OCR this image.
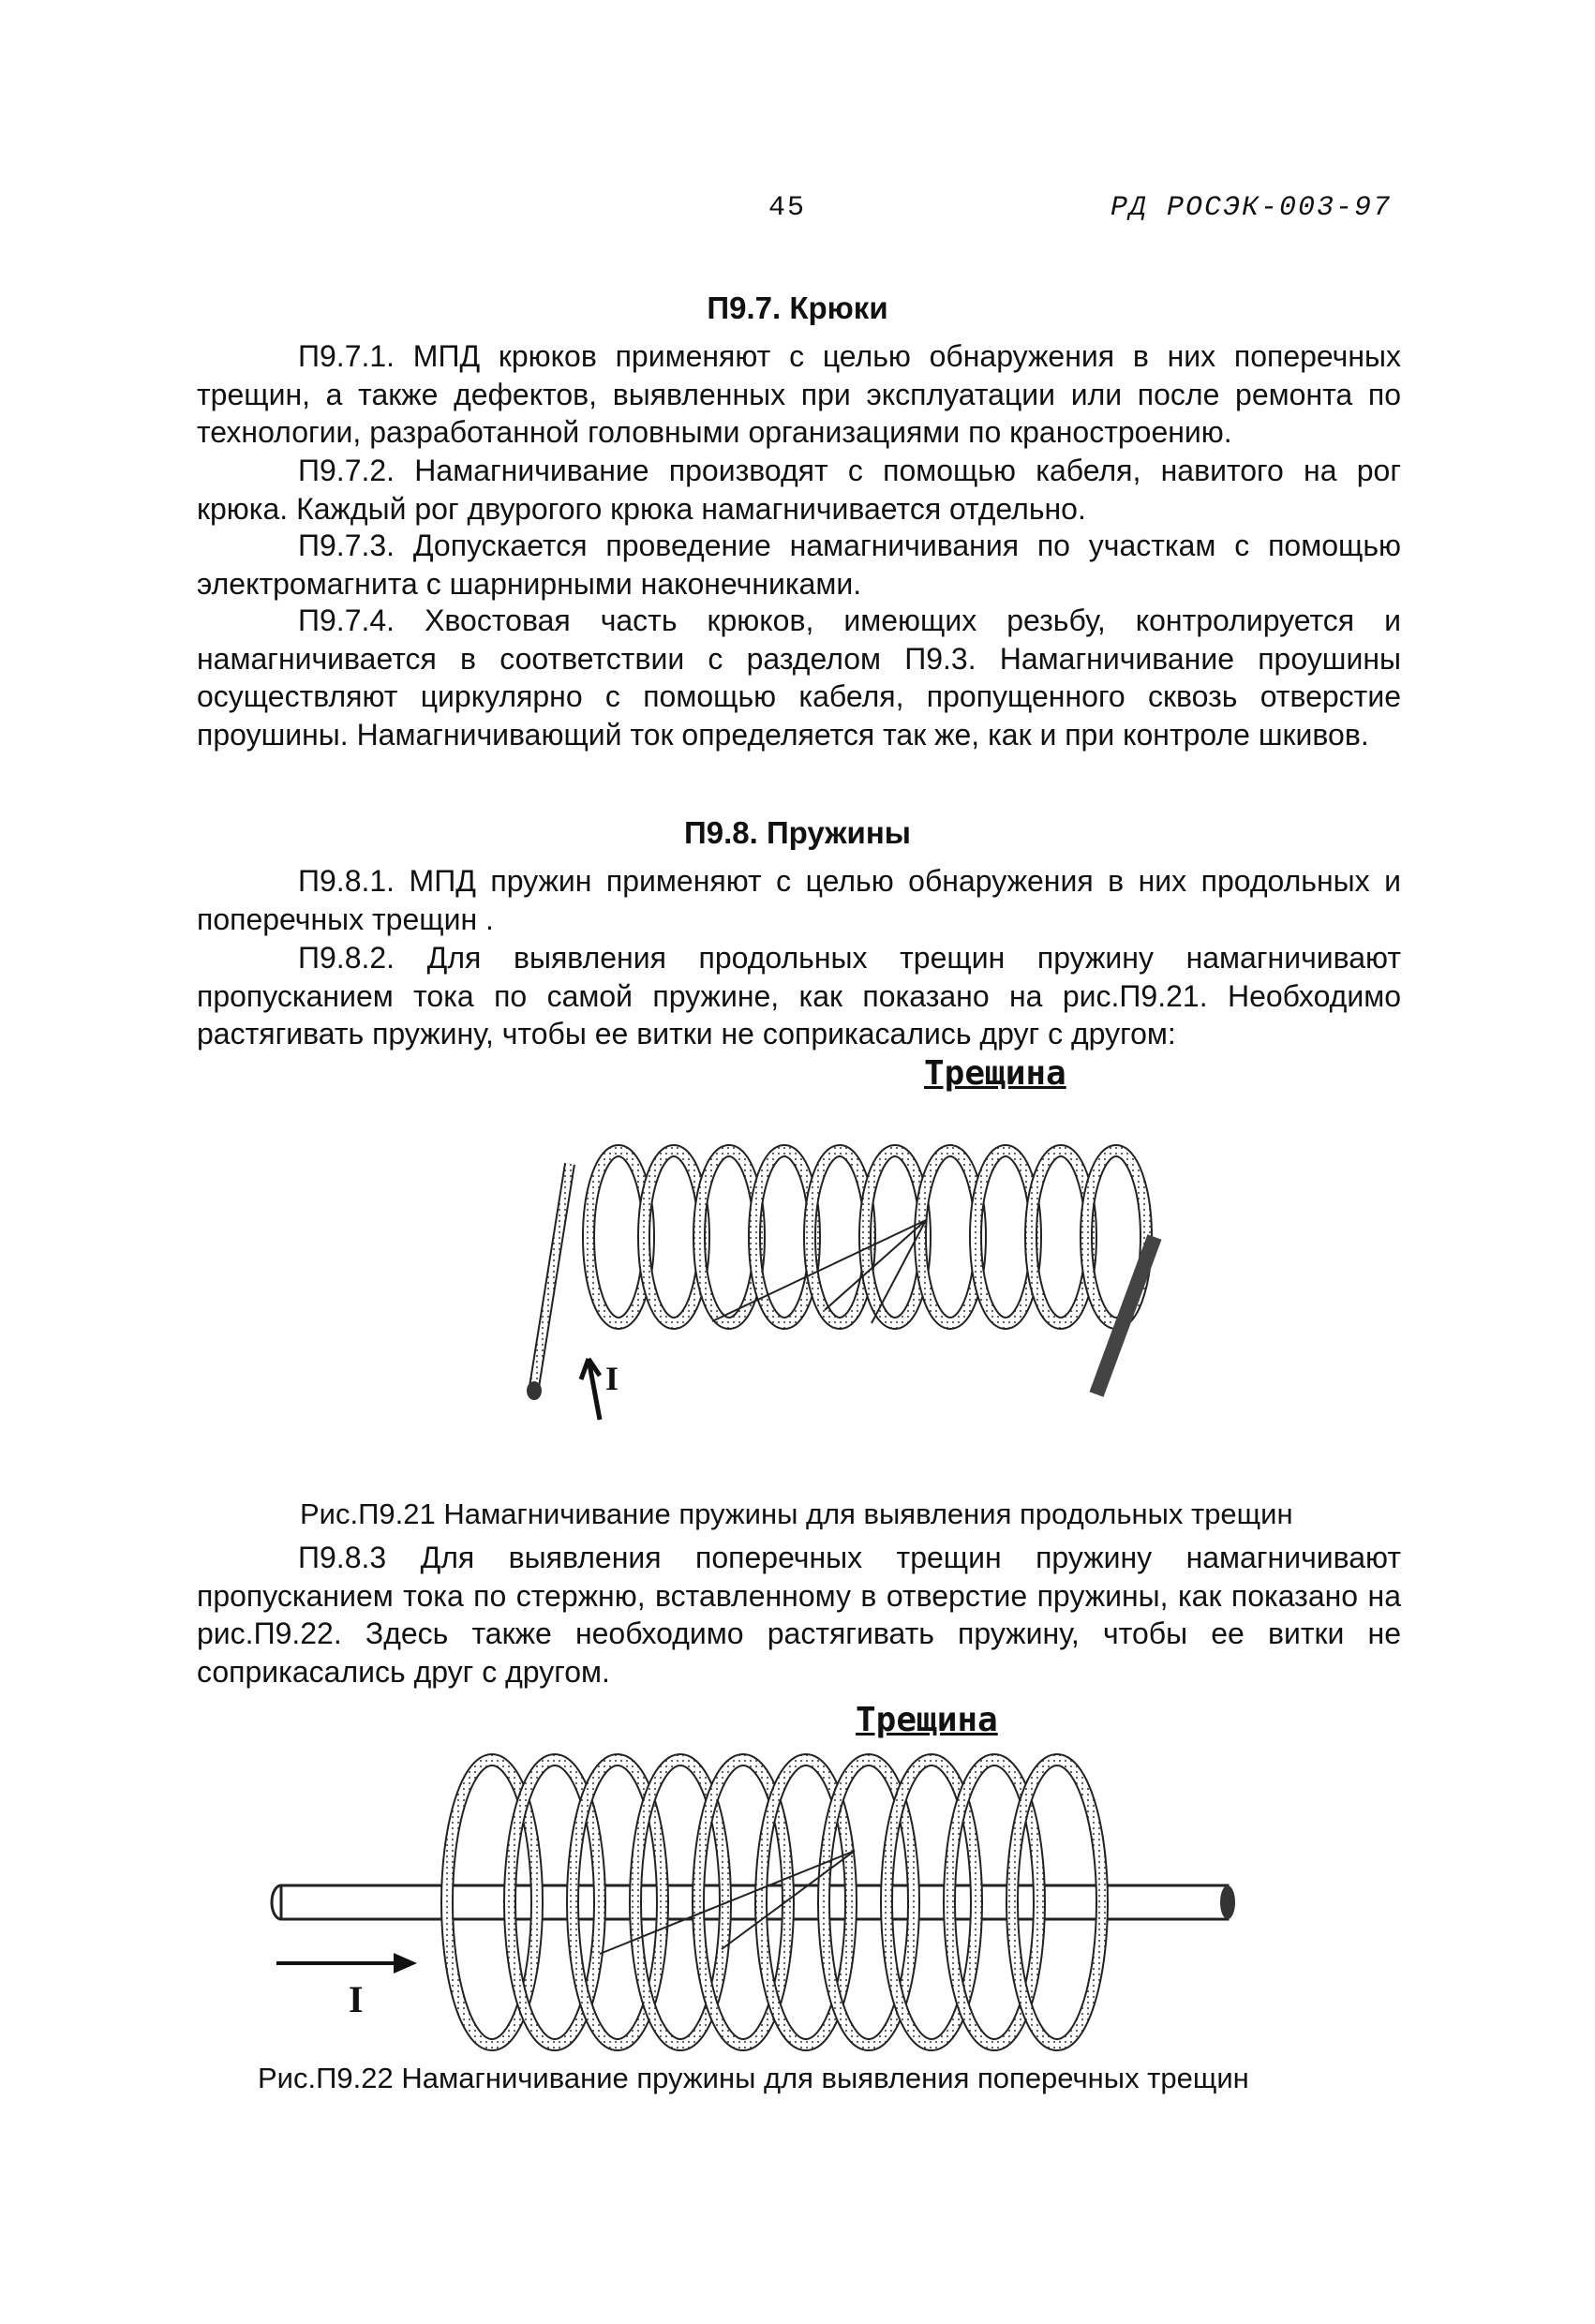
45	РД РОСЭК-003-97

П9.7. Крюки

П9.7.1. МПД крюков применяют с целью обнаружения в них поперечных трещин, а также дефектов, выявленных при эксплуатации или после ремонта по технологии, разработанной головными организациями по краностроению.

П9.7.2. Намагничивание производят с помощью кабеля, навитого на рог крюка. Каждый рог двурогого крюка намагничивается отдельно.

П9.7.3. Допускается проведение намагничивания по участкам с помощью электромагнита с шарнирными наконечниками.

П9.7.4. Хвостовая часть крюков, имеющих резьбу, контролируется и намагничивается в соответствии с разделом П9.3. Намагничивание проушины осуществляют циркулярно с помощью кабеля, пропущенного сквозь отверстие проушины. Намагничивающий ток определяется так же, как и при контроле шкивов.

П9.8. Пружины

П9.8.1. МПД пружин применяют с целью обнаружения в них продольных и поперечных трещин .

П9.8.2. Для выявления продольных трещин пружину намагничивают пропусканием тока по самой пружине, как показано на рис.П9.21. Необходимо растягивать пружину, чтобы ее витки не соприкасались друг с другом:

Трещина

I

Рис.П9.21 Намагничивание пружины для выявления продольных трещин

П9.8.3 Для выявления поперечных трещин пружину намагничивают пропусканием тока по стержню, вставленному в отверстие пружины, как показано на рис.П9.22. Здесь также необходимо растягивать пружину, чтобы ее витки не соприкасались друг с другом.

Трещина

I

Рис.П9.22 Намагничивание пружины для выявления поперечных трещин
